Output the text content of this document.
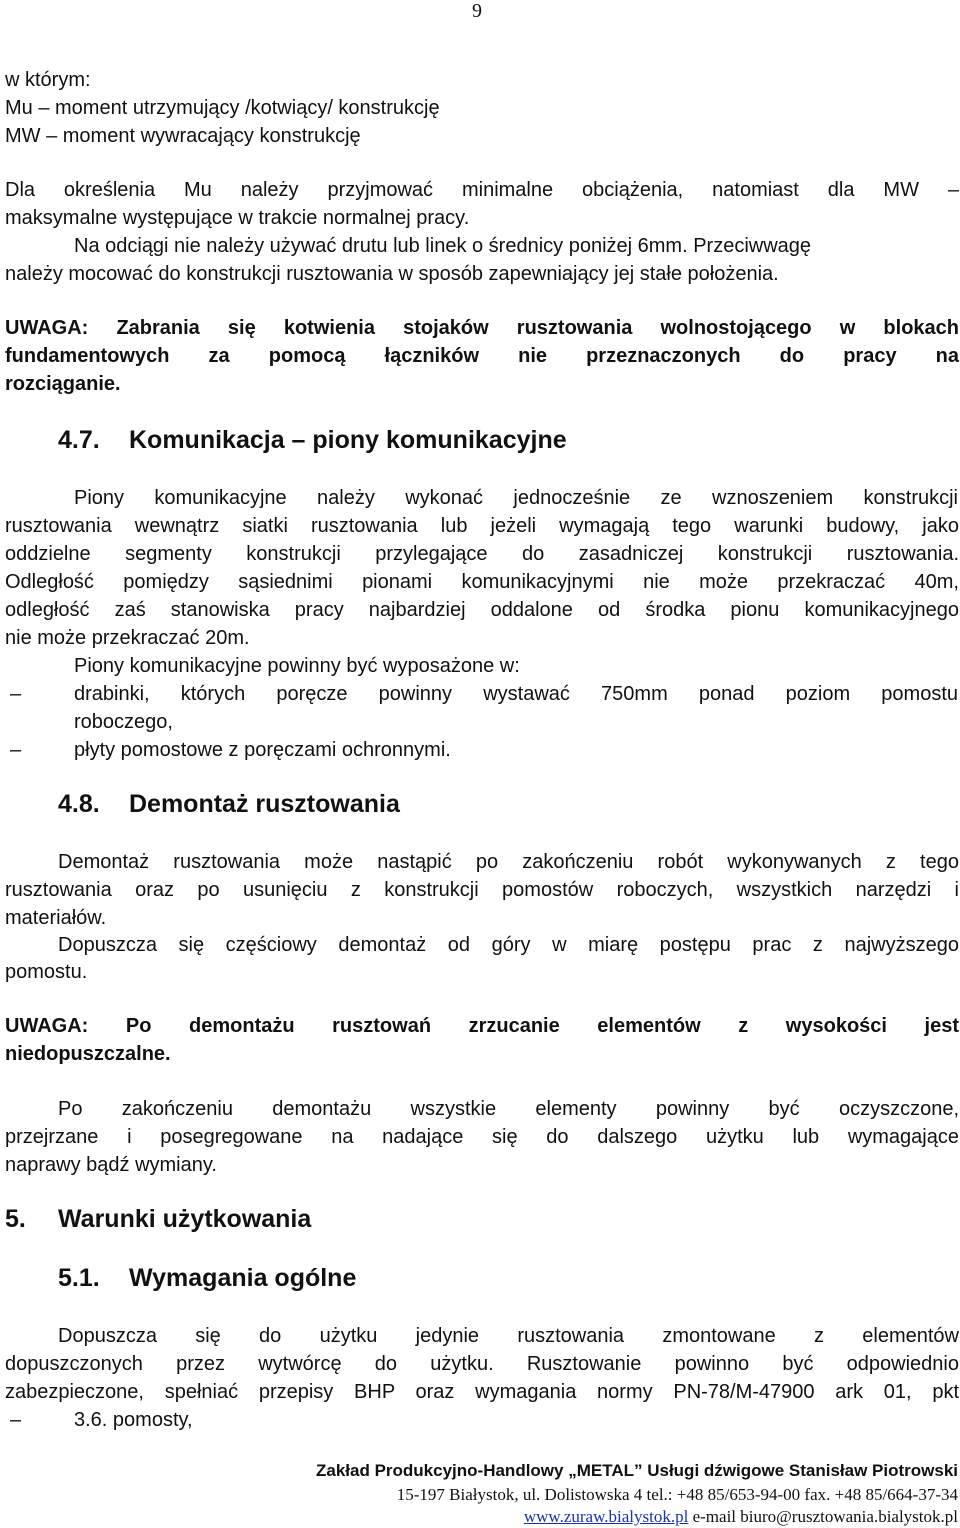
9
w którym:
Mu – moment utrzymujący /kotwiący/ konstrukcję
MW – moment wywracający konstrukcję
Dla określenia Mu należy przyjmować minimalne obciążenia, natomiast dla MW –
maksymalne występujące w trakcie normalnej pracy.
Na odciągi nie należy używać drutu lub linek o średnicy poniżej 6mm. Przeciwwagę
należy mocować do konstrukcji rusztowania w sposób zapewniający jej stałe położenia.
UWAGA: Zabrania się kotwienia stojaków rusztowania wolnostojącego w blokach
fundamentowych za pomocą łączników nie przeznaczonych do pracy na
rozciąganie.
4.7. Komunikacja – piony komunikacyjne
Piony komunikacyjne należy wykonać jednocześnie ze wznoszeniem konstrukcji
rusztowania wewnątrz siatki rusztowania lub jeżeli wymagają tego warunki budowy, jako
oddzielne segmenty konstrukcji przylegające do zasadniczej konstrukcji rusztowania.
Odległość pomiędzy sąsiednimi pionami komunikacyjnymi nie może przekraczać 40m,
odległość zaś stanowiska pracy najbardziej oddalone od środka pionu komunikacyjnego
nie może przekraczać 20m.
Piony komunikacyjne powinny być wyposażone w:
–	drabinki, których poręcze powinny wystawać 750mm ponad poziom pomostu
roboczego,
–	płyty pomostowe z poręczami ochronnymi.
4.8. Demontaż rusztowania
Demontaż rusztowania może nastąpić po zakończeniu robót wykonywanych z tego
rusztowania oraz po usunięciu z konstrukcji pomostów roboczych, wszystkich narzędzi i
materiałów.
Dopuszcza się częściowy demontaż od góry w miarę postępu prac z najwyższego
pomostu.
UWAGA: Po demontażu rusztowań zrzucanie elementów z wysokości jest
niedopuszczalne.
Po zakończeniu demontażu wszystkie elementy powinny być oczyszczone,
przejrzane i posegregowane na nadające się do dalszego użytku lub wymagające
naprawy bądź wymiany.
5. Warunki użytkowania
5.1. Wymagania ogólne
Dopuszcza się do użytku jedynie rusztowania zmontowane z elementów
dopuszczonych przez wytwórcę do użytku. Rusztowanie powinno być odpowiednio
zabezpieczone, spełniać przepisy BHP oraz wymagania normy PN-78/M-47900 ark 01, pkt
–	3.6. pomosty,
Zakład Produkcyjno-Handlowy „METAL” Usługi dźwigowe Stanisław Piotrowski
15-197 Białystok, ul. Dolistowska 4 tel.: +48 85/653-94-00 fax. +48 85/664-37-34
www.zuraw.bialystok.pl e-mail biuro@rusztowania.bialystok.pl
